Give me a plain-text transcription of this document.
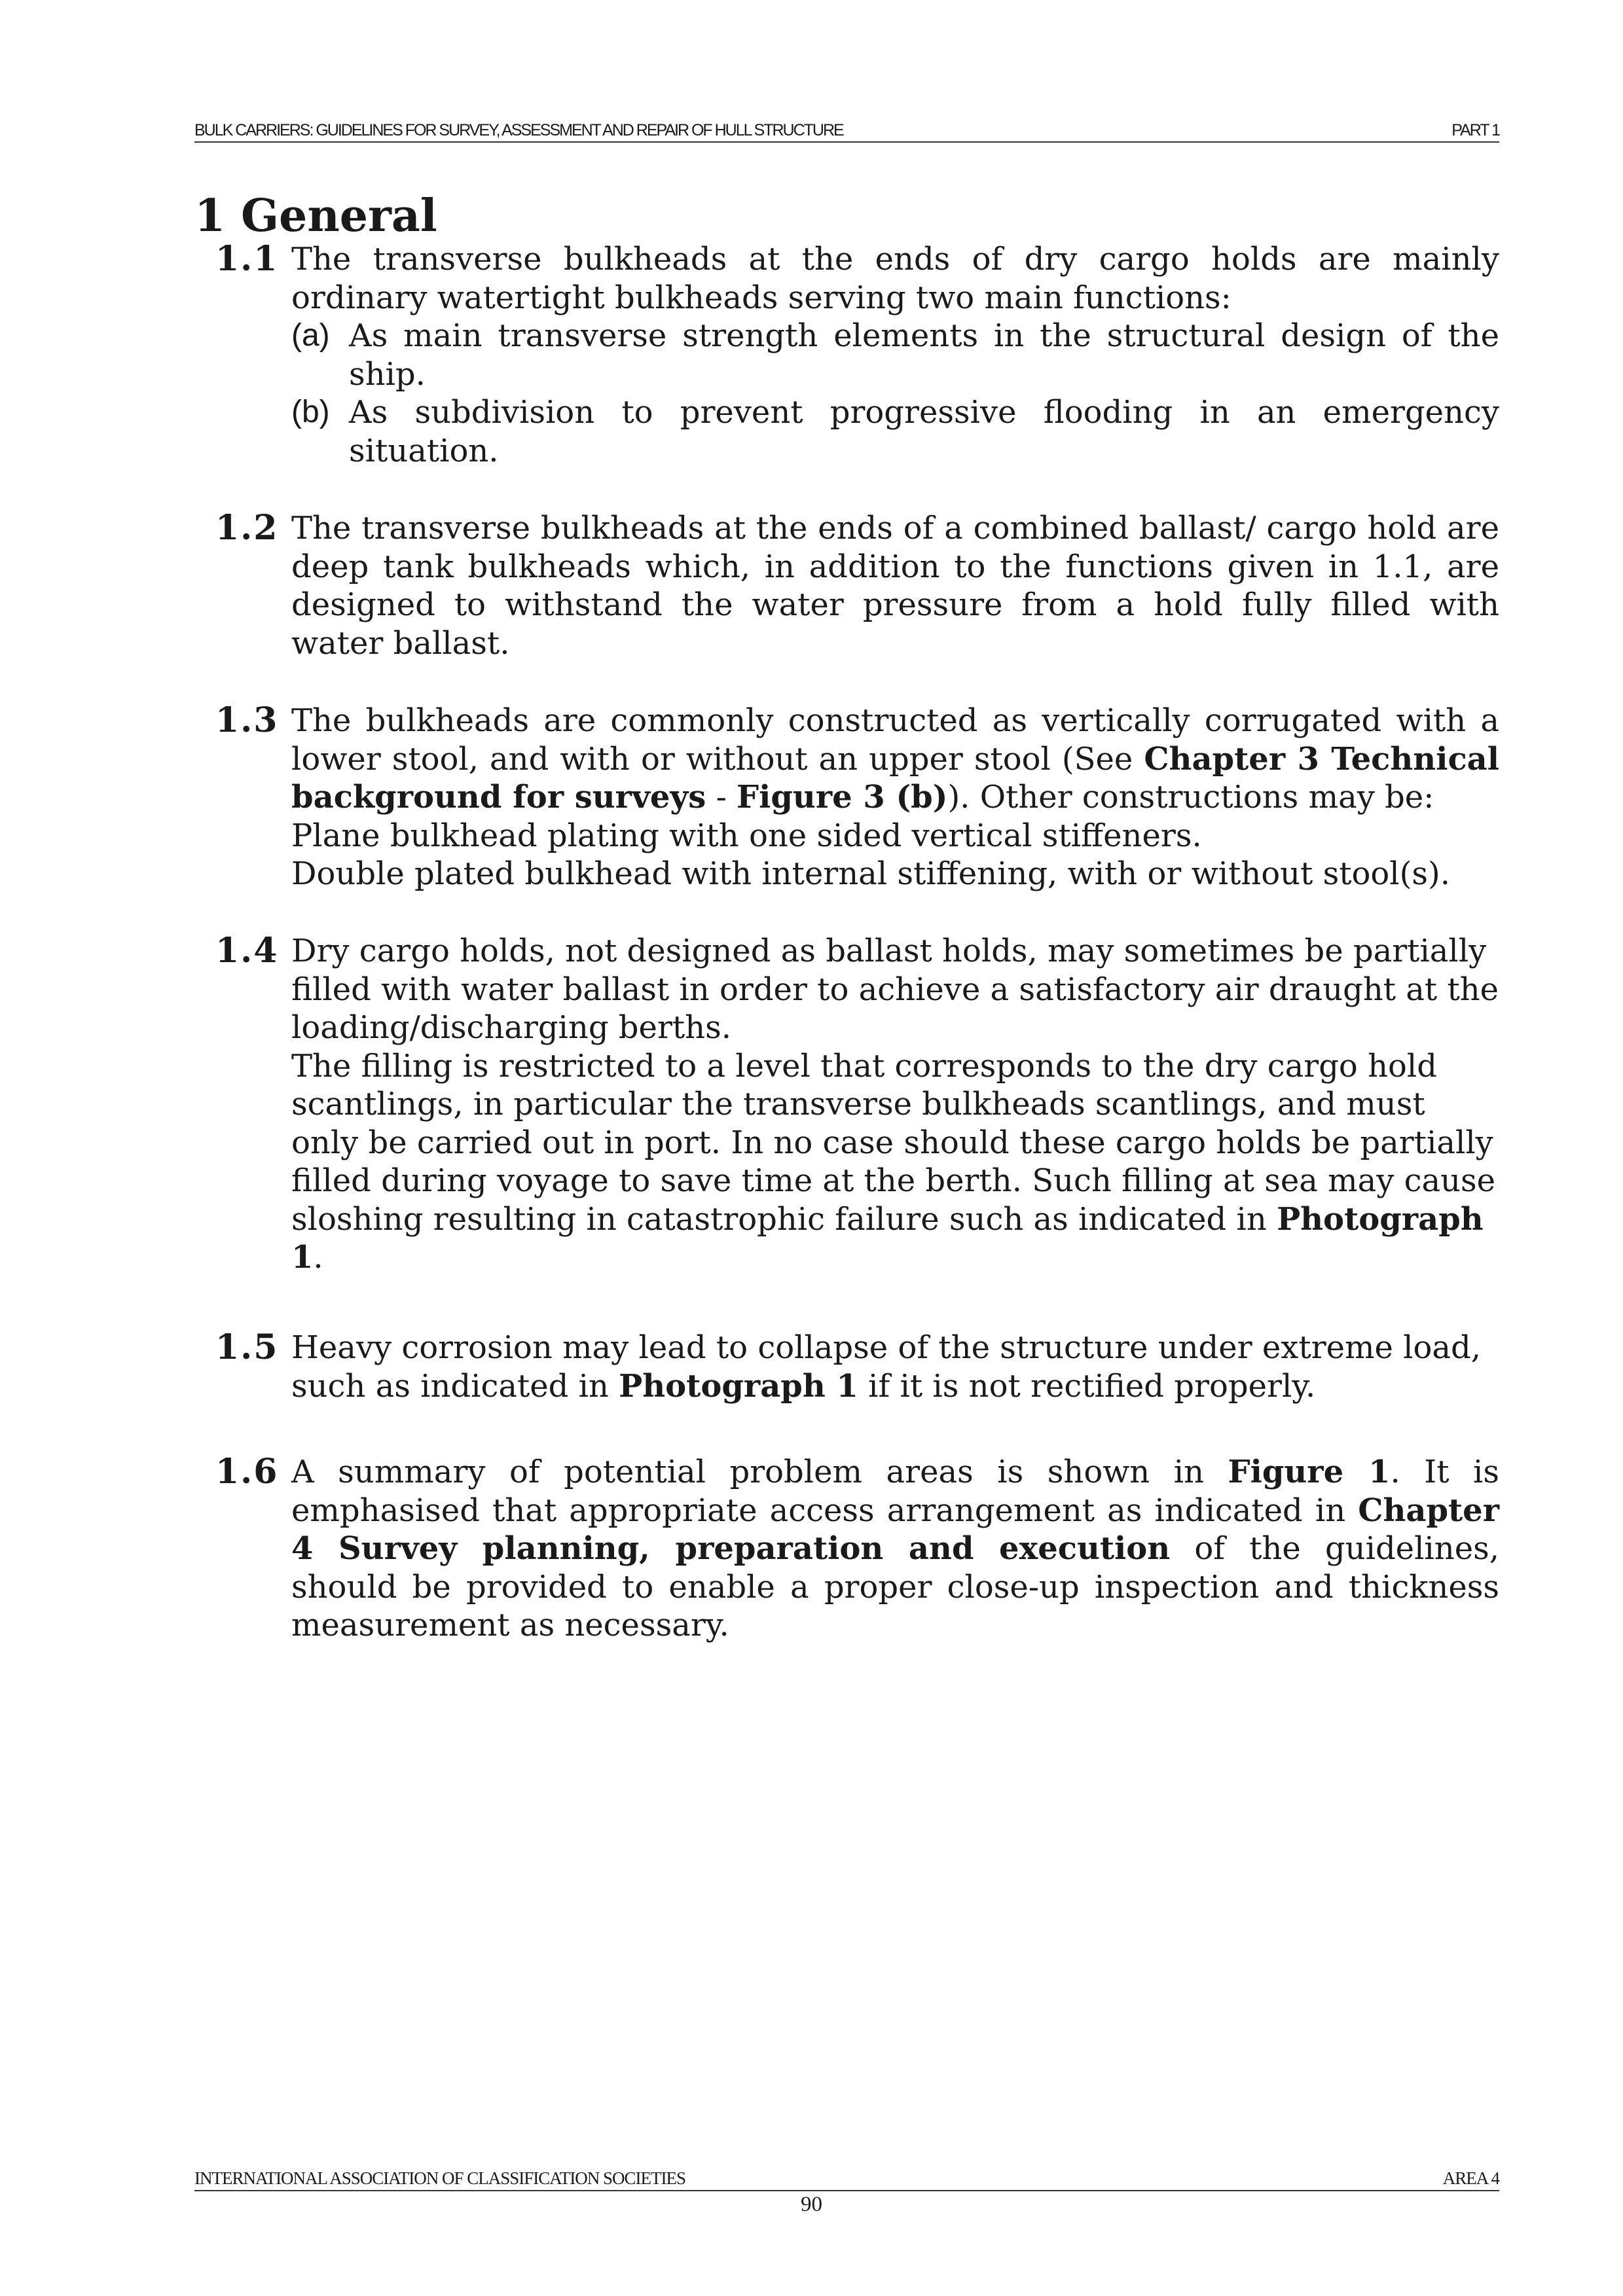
BULK CARRIERS: GUIDELINES FOR SURVEY, ASSESSMENT AND REPAIR OF HULL STRUCTURE	PART 1
1 General
1.1 The transverse bulkheads at the ends of dry cargo holds are mainly ordinary watertight bulkheads serving two main functions:
(a) As main transverse strength elements in the structural design of the ship.
(b) As subdivision to prevent progressive flooding in an emergency situation.
1.2 The transverse bulkheads at the ends of a combined ballast/ cargo hold are deep tank bulkheads which, in addition to the functions given in 1.1, are designed to withstand the water pressure from a hold fully filled with water ballast.
1.3 The bulkheads are commonly constructed as vertically corrugated with a lower stool, and with or without an upper stool (See Chapter 3 Technical background for surveys - Figure 3 (b)). Other constructions may be:
Plane bulkhead plating with one sided vertical stiffeners.
Double plated bulkhead with internal stiffening, with or without stool(s).
1.4 Dry cargo holds, not designed as ballast holds, may sometimes be partially filled with water ballast in order to achieve a satisfactory air draught at the loading/discharging berths.
The filling is restricted to a level that corresponds to the dry cargo hold scantlings, in particular the transverse bulkheads scantlings, and must only be carried out in port. In no case should these cargo holds be partially filled during voyage to save time at the berth. Such filling at sea may cause sloshing resulting in catastrophic failure such as indicated in Photograph 1.
1.5 Heavy corrosion may lead to collapse of the structure under extreme load, such as indicated in Photograph 1 if it is not rectified properly.
1.6 A summary of potential problem areas is shown in Figure 1. It is emphasised that appropriate access arrangement as indicated in Chapter 4 Survey planning, preparation and execution of the guidelines, should be provided to enable a proper close-up inspection and thickness measurement as necessary.
INTERNATIONAL ASSOCIATION OF CLASSIFICATION SOCIETIES	AREA 4
90
